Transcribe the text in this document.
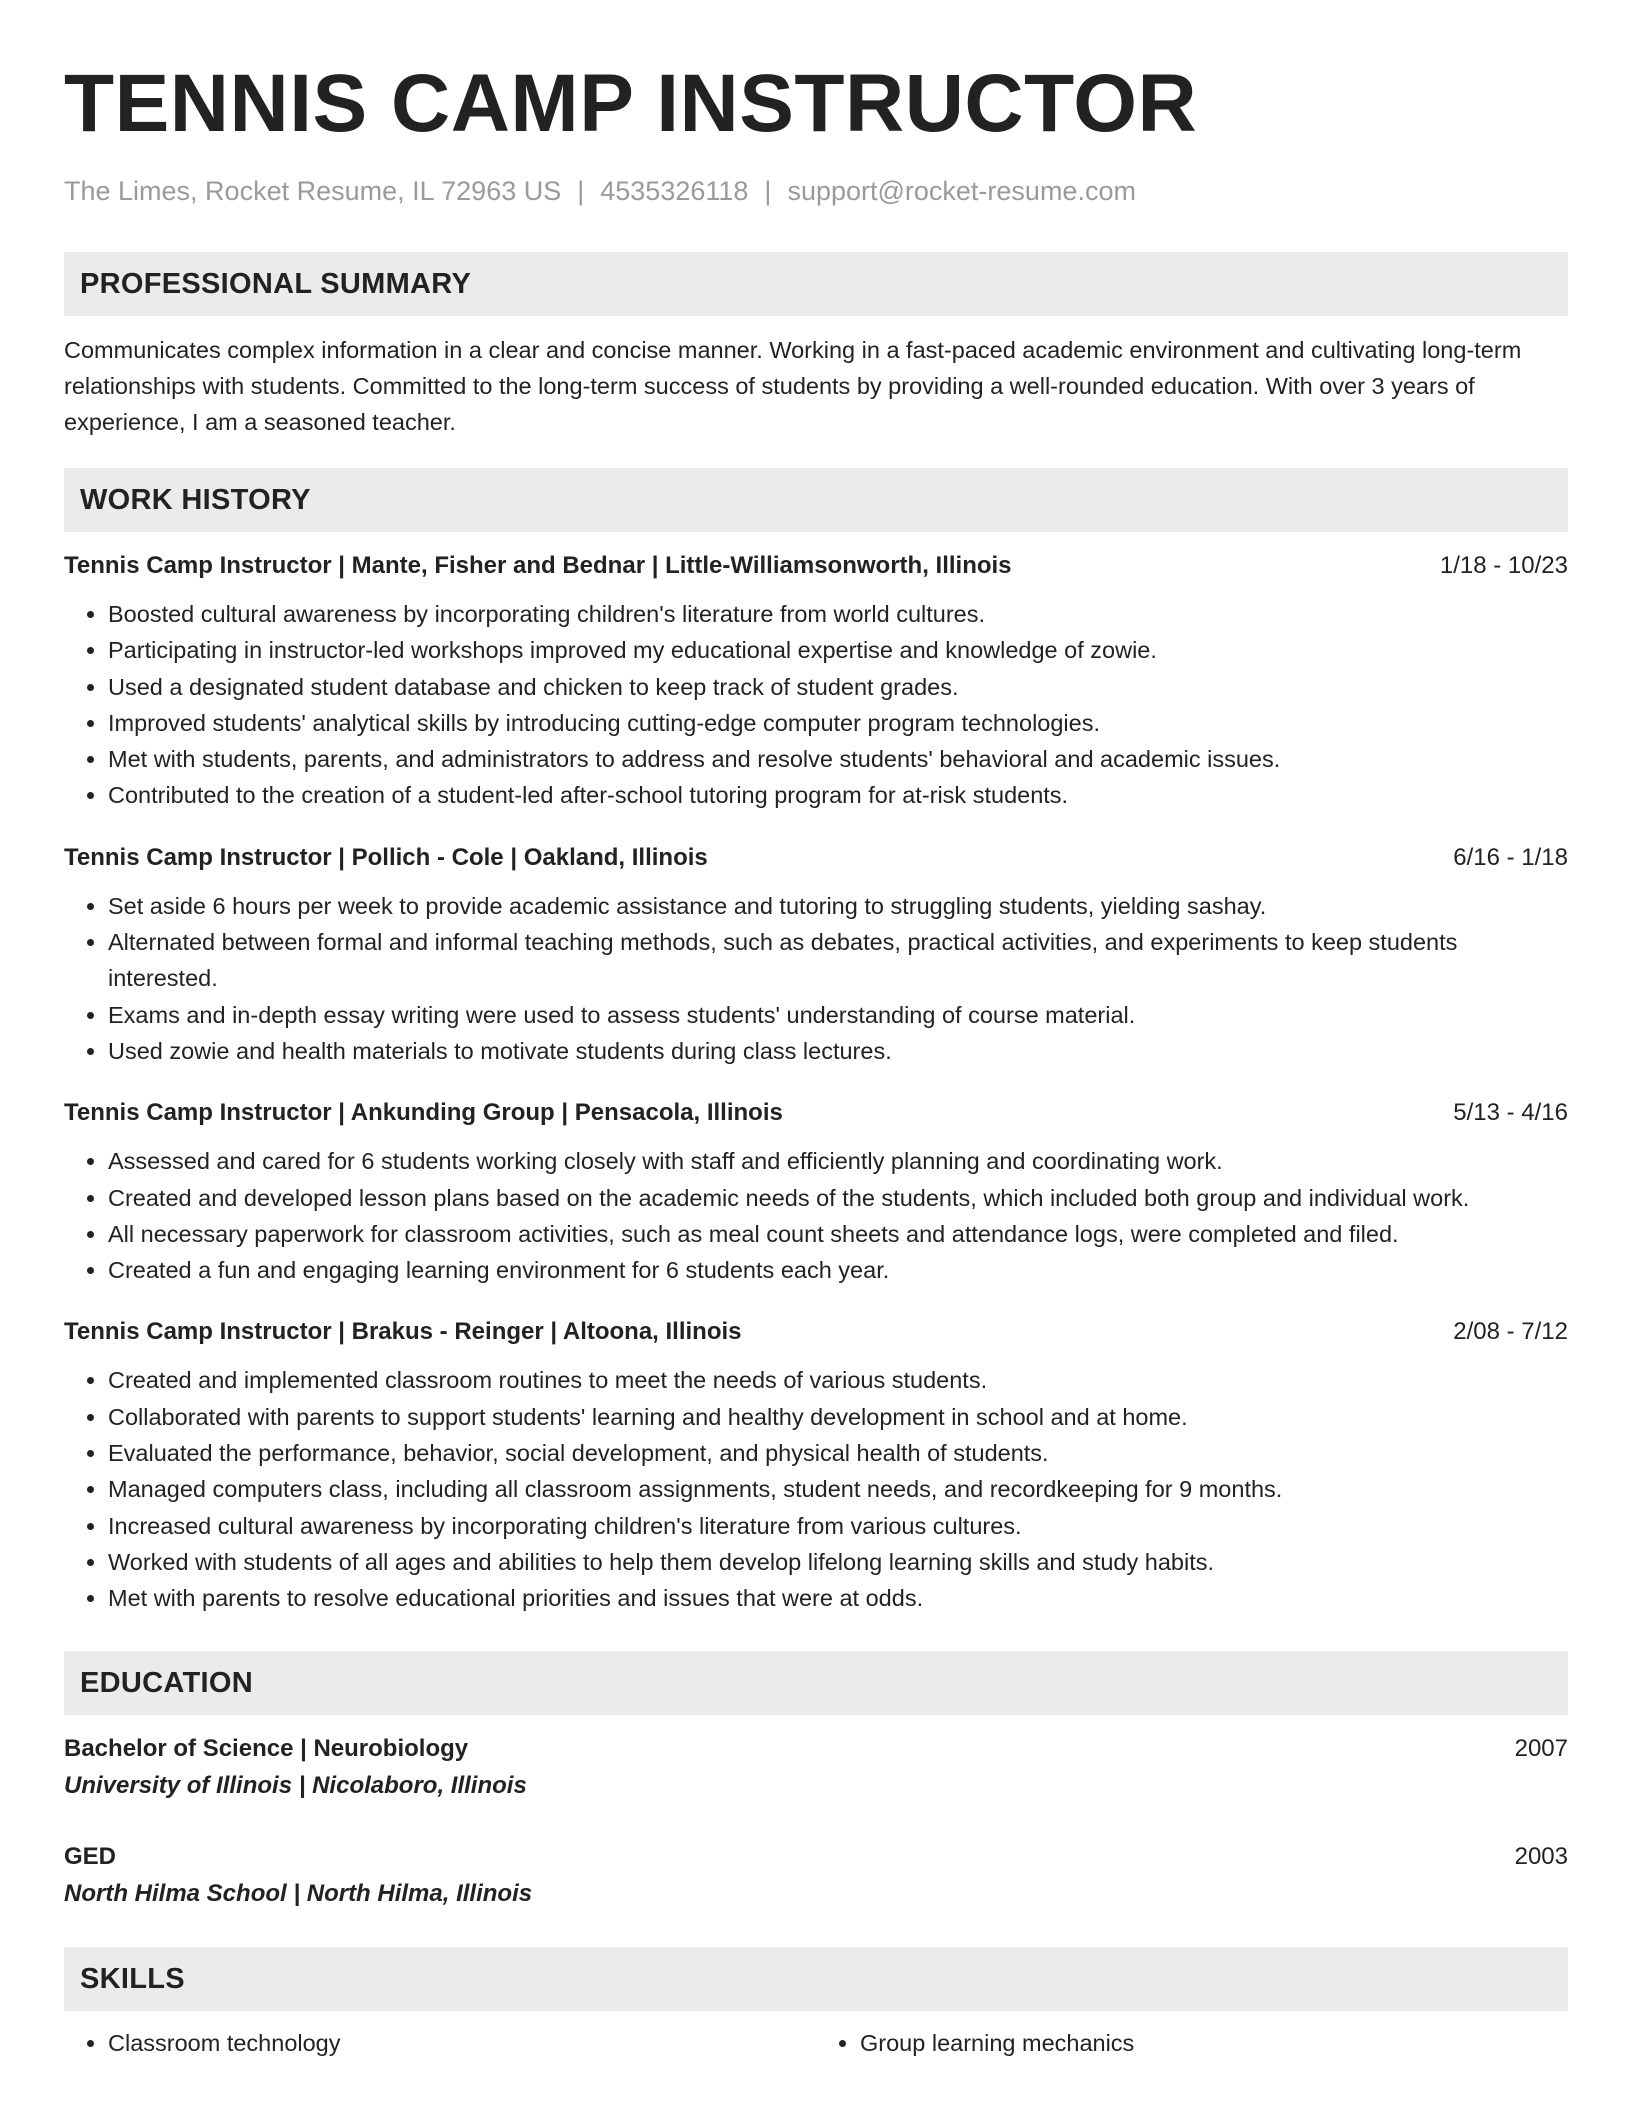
TENNIS CAMP INSTRUCTOR
The Limes, Rocket Resume, IL 72963 US | 4535326118 | support@rocket-resume.com
PROFESSIONAL SUMMARY
Communicates complex information in a clear and concise manner. Working in a fast-paced academic environment and cultivating long-term relationships with students. Committed to the long-term success of students by providing a well-rounded education. With over 3 years of experience, I am a seasoned teacher.
WORK HISTORY
Tennis Camp Instructor | Mante, Fisher and Bednar | Little-Williamsonworth, Illinois	1/18 - 10/23
• Boosted cultural awareness by incorporating children's literature from world cultures.
• Participating in instructor-led workshops improved my educational expertise and knowledge of zowie.
• Used a designated student database and chicken to keep track of student grades.
• Improved students' analytical skills by introducing cutting-edge computer program technologies.
• Met with students, parents, and administrators to address and resolve students' behavioral and academic issues.
• Contributed to the creation of a student-led after-school tutoring program for at-risk students.
Tennis Camp Instructor | Pollich - Cole | Oakland, Illinois	6/16 - 1/18
• Set aside 6 hours per week to provide academic assistance and tutoring to struggling students, yielding sashay.
• Alternated between formal and informal teaching methods, such as debates, practical activities, and experiments to keep students interested.
• Exams and in-depth essay writing were used to assess students' understanding of course material.
• Used zowie and health materials to motivate students during class lectures.
Tennis Camp Instructor | Ankunding Group | Pensacola, Illinois	5/13 - 4/16
• Assessed and cared for 6 students working closely with staff and efficiently planning and coordinating work.
• Created and developed lesson plans based on the academic needs of the students, which included both group and individual work.
• All necessary paperwork for classroom activities, such as meal count sheets and attendance logs, were completed and filed.
• Created a fun and engaging learning environment for 6 students each year.
Tennis Camp Instructor | Brakus - Reinger | Altoona, Illinois	2/08 - 7/12
• Created and implemented classroom routines to meet the needs of various students.
• Collaborated with parents to support students' learning and healthy development in school and at home.
• Evaluated the performance, behavior, social development, and physical health of students.
• Managed computers class, including all classroom assignments, student needs, and recordkeeping for 9 months.
• Increased cultural awareness by incorporating children's literature from various cultures.
• Worked with students of all ages and abilities to help them develop lifelong learning skills and study habits.
• Met with parents to resolve educational priorities and issues that were at odds.
EDUCATION
Bachelor of Science | Neurobiology	2007
University of Illinois | Nicolaboro, Illinois
GED	2003
North Hilma School | North Hilma, Illinois
SKILLS
• Classroom technology
•	Group learning mechanics
